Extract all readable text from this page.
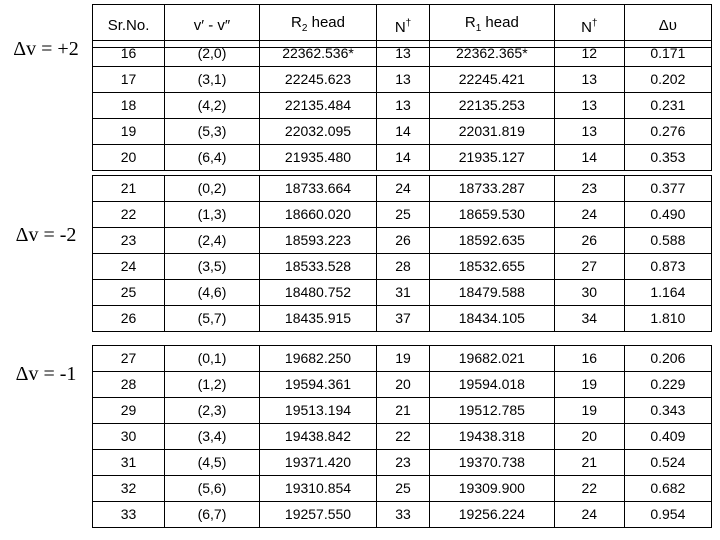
Sr.No.	v′ - v″	$R_2$ head	N†	$R_1$ head	N†	Δυ
Δv = +2
Δv = -2
Δv = -1
16	(2,0)	22362.536*	13	22362.365*	12	0.171
17	(3,1)	22245.623	13	22245.421	13	0.202
18	(4,2)	22135.484	13	22135.253	13	0.231
19	(5,3)	22032.095	14	22031.819	13	0.276
20	(6,4)	21935.480	14	21935.127	14	0.353
21	(0,2)	18733.664	24	18733.287	23	0.377
22	(1,3)	18660.020	25	18659.530	24	0.490
23	(2,4)	18593.223	26	18592.635	26	0.588
24	(3,5)	18533.528	28	18532.655	27	0.873
25	(4,6)	18480.752	31	18479.588	30	1.164
26	(5,7)	18435.915	37	18434.105	34	1.810
27	(0,1)	19682.250	19	19682.021	16	0.206
28	(1,2)	19594.361	20	19594.018	19	0.229
29	(2,3)	19513.194	21	19512.785	19	0.343
30	(3,4)	19438.842	22	19438.318	20	0.409
31	(4,5)	19371.420	23	19370.738	21	0.524
32	(5,6)	19310.854	25	19309.900	22	0.682
33	(6,7)	19257.550	33	19256.224	24	0.954
